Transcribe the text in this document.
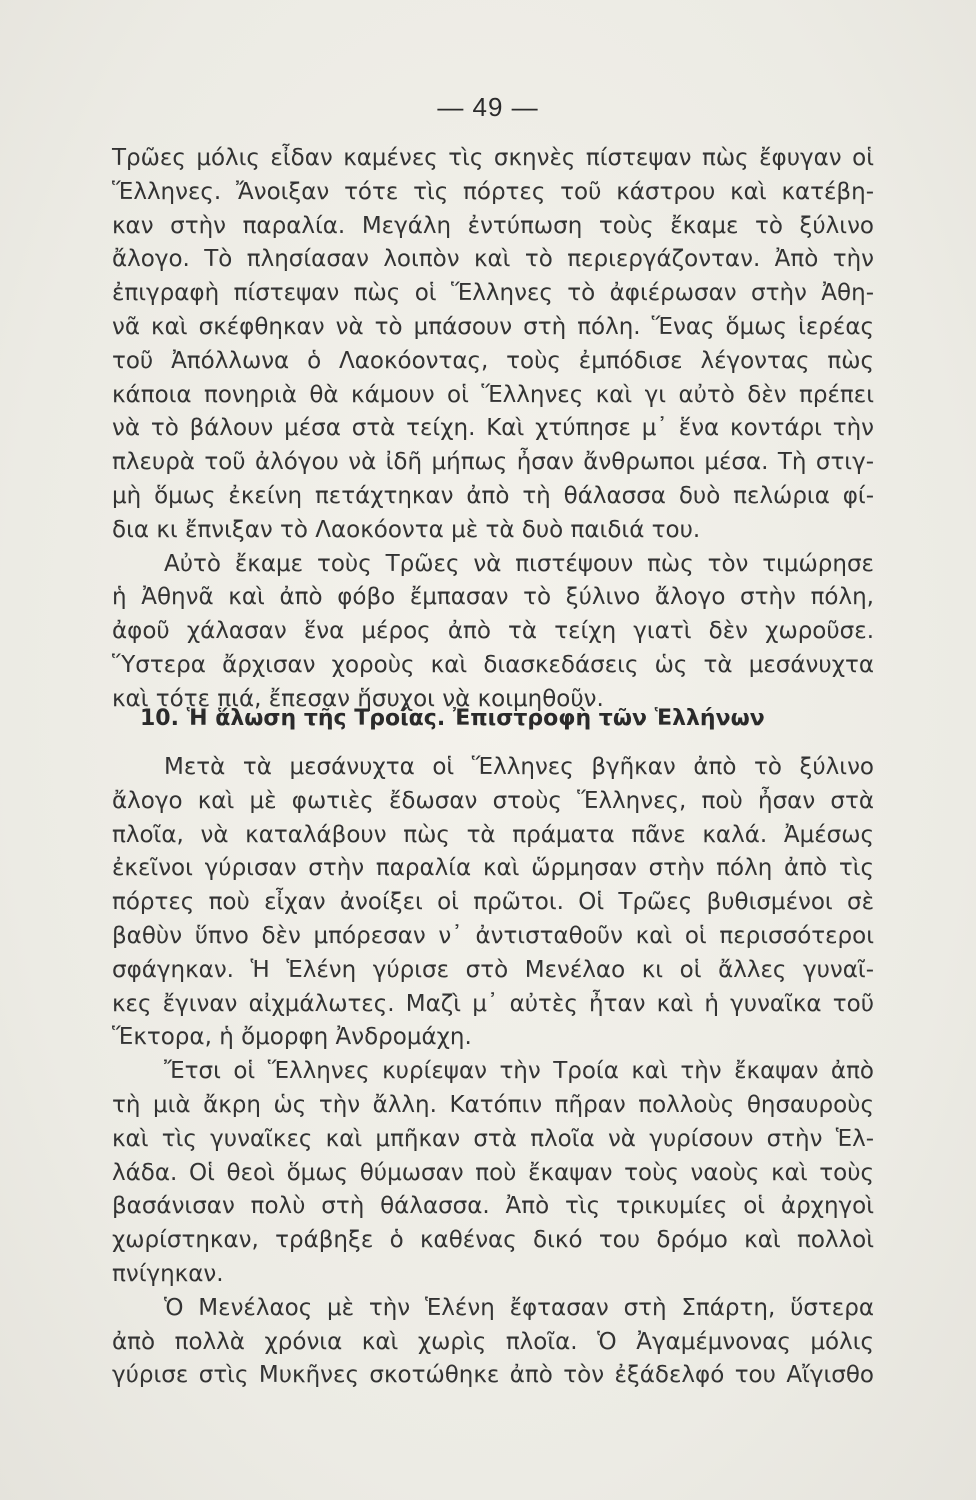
— 49 —
Τρῶες μόλις εἶδαν καμένες τὶς σκηνὲς πίστεψαν πὼς ἔφυγαν οἱ
Ἕλληνες. Ἄνοιξαν τότε τὶς πόρτες τοῦ κάστρου καὶ κατέβη-
καν στὴν παραλία. Μεγάλη ἐντύπωση τοὺς ἔκαμε τὸ ξύλινο
ἄλογο. Τὸ πλησίασαν λοιπὸν καὶ τὸ περιεργάζονταν. Ἀπὸ τὴν
ἐπιγραφὴ πίστεψαν πὼς οἱ Ἕλληνες τὸ ἀφιέρωσαν στὴν Ἀθη-
νᾶ καὶ σκέφθηκαν νὰ τὸ μπάσουν στὴ πόλη. Ἕνας ὅμως ἱερέας
τοῦ Ἀπόλλωνα ὁ Λαοκόοντας, τοὺς ἐμπόδισε λέγοντας πὼς
κάποια πονηριὰ θὰ κάμουν οἱ Ἕλληνες καὶ γι αὐτὸ δὲν πρέπει
νὰ τὸ βάλουν μέσα στὰ τείχη. Καὶ χτύπησε μ᾽ ἕνα κοντάρι τὴν
πλευρὰ τοῦ ἀλόγου νὰ ἰδῆ μήπως ἦσαν ἄνθρωποι μέσα. Τὴ στιγ-
μὴ ὅμως ἐκείνη πετάχτηκαν ἀπὸ τὴ θάλασσα δυὸ πελώρια φί-
δια κι ἔπνιξαν τὸ Λαοκόοντα μὲ τὰ δυὸ παιδιά του.
Αὐτὸ ἔκαμε τοὺς Τρῶες νὰ πιστέψουν πὼς τὸν τιμώρησε
ἡ Ἀθηνᾶ καὶ ἀπὸ φόβο ἔμπασαν τὸ ξύλινο ἄλογο στὴν πόλη,
ἀφοῦ χάλασαν ἕνα μέρος ἀπὸ τὰ τείχη γιατὶ δὲν χωροῦσε.
Ὕστερα ἄρχισαν χοροὺς καὶ διασκεδάσεις ὡς τὰ μεσάνυχτα
καὶ τότε πιά, ἔπεσαν ἥσυχοι νὰ κοιμηθοῦν.
10. Ἡ ἅλωση τῆς Τροίας. Ἐπιστροφὴ τῶν Ἑλλήνων
Μετὰ τὰ μεσάνυχτα οἱ Ἕλληνες βγῆκαν ἀπὸ τὸ ξύλινο
ἄλογο καὶ μὲ φωτιὲς ἔδωσαν στοὺς Ἕλληνες, ποὺ ἦσαν στὰ
πλοῖα, νὰ καταλάβουν πὼς τὰ πράματα πᾶνε καλά. Ἀμέσως
ἐκεῖνοι γύρισαν στὴν παραλία καὶ ὥρμησαν στὴν πόλη ἀπὸ τὶς
πόρτες ποὺ εἶχαν ἀνοίξει οἱ πρῶτοι. Οἱ Τρῶες βυθισμένοι σὲ
βαθὺν ὕπνο δὲν μπόρεσαν ν᾽ ἀντισταθοῦν καὶ οἱ περισσότεροι
σφάγηκαν. Ἡ Ἑλένη γύρισε στὸ Μενέλαο κι οἱ ἄλλες γυναῖ-
κες ἔγιναν αἰχμάλωτες. Μαζὶ μ᾽ αὐτὲς ἦταν καὶ ἡ γυναῖκα τοῦ
Ἕκτορα, ἡ ὄμορφη Ἀνδρομάχη.
Ἔτσι οἱ Ἕλληνες κυρίεψαν τὴν Τροία καὶ τὴν ἔκαψαν ἀπὸ
τὴ μιὰ ἄκρη ὡς τὴν ἄλλη. Κατόπιν πῆραν πολλοὺς θησαυροὺς
καὶ τὶς γυναῖκες καὶ μπῆκαν στὰ πλοῖα νὰ γυρίσουν στὴν Ἑλ-
λάδα. Οἱ θεοὶ ὅμως θύμωσαν ποὺ ἔκαψαν τοὺς ναοὺς καὶ τοὺς
βασάνισαν πολὺ στὴ θάλασσα. Ἀπὸ τὶς τρικυμίες οἱ ἀρχηγοὶ
χωρίστηκαν, τράβηξε ὁ καθένας δικό του δρόμο καὶ πολλοὶ
πνίγηκαν.
Ὁ Μενέλαος μὲ τὴν Ἑλένη ἔφτασαν στὴ Σπάρτη, ὕστερα
ἀπὸ πολλὰ χρόνια καὶ χωρὶς πλοῖα. Ὁ Ἀγαμέμνονας μόλις
γύρισε στὶς Μυκῆνες σκοτώθηκε ἀπὸ τὸν ἐξάδελφό του Αἴγισθο
